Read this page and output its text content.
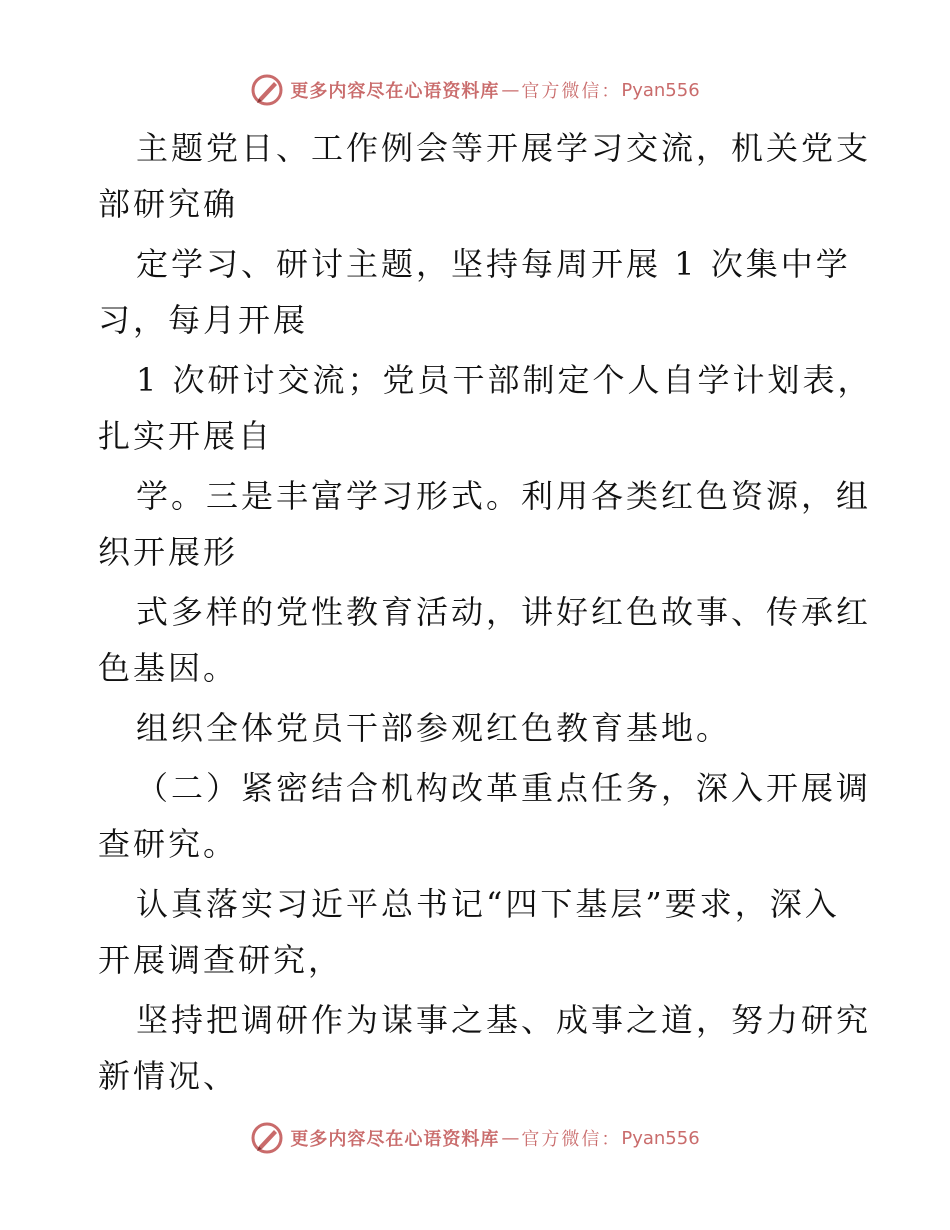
更多内容尽在心语资料库 — 官方微信： Pyan556
主题党日、工作例会等开展学习交流，机关党支
部研究确
定学习、研讨主题，坚持每周开展 1 次集中学
习，每月开展
1 次研讨交流；党员干部制定个人自学计划表，
扎实开展自
学。三是丰富学习形式。利用各类红色资源，组
织开展形
式多样的党性教育活动，讲好红色故事、传承红
色基因。
组织全体党员干部参观红色教育基地。
（二）紧密结合机构改革重点任务，深入开展调
查研究。
认真落实习近平总书记“四下基层”要求，深入
开展调查研究，
坚持把调研作为谋事之基、成事之道，努力研究
新情况、
更多内容尽在心语资料库 — 官方微信： Pyan556
